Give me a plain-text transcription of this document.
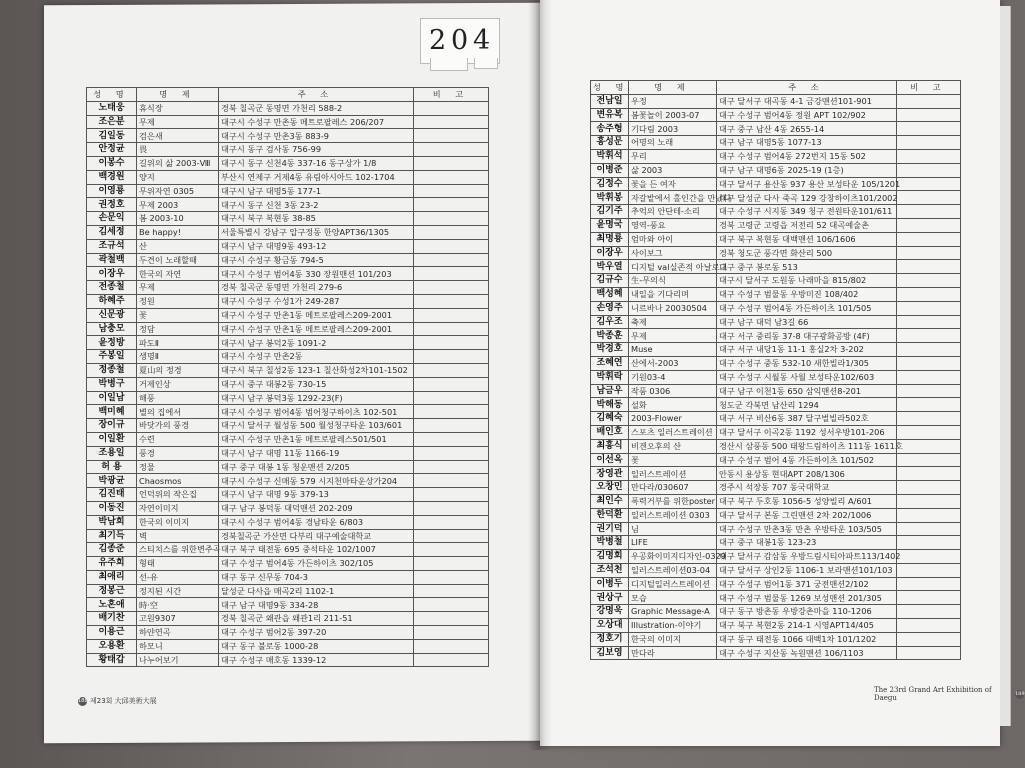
2 0 4
성 명	명 제	주 소	비 고
노태웅	휴식장	경북 칠곡군 동명면 가천리 588-2	
조은분	무제	대구시 수성구 만촌동 메트로팔레스 206/207	
김일동	검은새	대구시 수성구 만촌3동 883-9	
안정균	畏	대구시 동구 검사동 756-99	
이봉수	길위의 삶 2003-Ⅷ	대구시 동구 신천4동 337-16 동구상가 1/8	
백경원	양지	부산시 연제구 거제4동 유림아시아드 102-1704	
이영룡	무위자연 0305	대구시 남구 대명5동 177-1	
권정호	무제 2003	대구시 동구 신천 3동 23-2	
손문익	봄 2003-10	대구시 북구 복현동 38-85	
김세정	Be happy!	서울특별시 강남구 압구정동 한양APT36/1305	
조규석	산	대구시 남구 대명9동 493-12	
곽철백	두견이 노래할때	대구시 수성구 황금동 794-5	
이장우	한국의 자연	대구시 수성구 범어4동 330 장원맨션 101/203	
전종철	무제	경북 칠곡군 동명면 가천리 279-6	
하혜주	정원	대구시 수성구 수성1가 249-287	
신문광	꽃	대구시 수성구 만촌1동 메트로팔레스209-2001	
남충모	정담	대구시 수성구 만촌1동 메트로팔레스209-2001	
윤정방	파도Ⅱ	대구시 남구 봉덕2동 1091-2	
주봉일	생명Ⅱ	대구시 수성구 만촌2동	
정종철	夏山의 정경	대구시 북구 칠성2동 123-1 칠산화성2차101-1502	
박병구	거제인상	대구시 중구 대봉2동 730-15	
이일남	해풍	대구시 남구 봉덕3동 1292-23(F)	
백미혜	별의 집에서	대구시 수성구 범어4동 범어청구하이츠 102-501	
장이규	바닷가의 풍경	대구시 달서구 월성동 500 월성청구타운 103/601	
이일환	수련	대구시 수성구 만촌1동 메트로팔레스501/501	
조용일	풍경	대구시 남구 대명 11동 1166-19	
허 용	정물	대구 중구 대봉 1동 청운맨션 2/205	
박광균	Chaosmos	대구시 수성구 신매동 579 시지천마타운상가204	
김진태	언덕위의 작은집	대구시 남구 대명 9동 379-13	
이동진	자연이미지	대구 남구 봉덕동 대덕맨션 202-209	
박남희	한국의 이미지	대구시 수성구 범어4동 경남타운 6/803	
최기득	벽	경북칠곡군 가산면 다부리 대구예술대학교	
김종준	스티치스를 위한변주곡	대구 북구 태전동 695 중석타운 102/1007	
유주희	형태	대구 수성구 범어4동 가든하이츠 302/105	
최애리	선-유	대구 동구 신무동 704-3	
정봉근	정지된 시간	달성군 다사읍 매곡2리 1102-1	
노혼애	時·空	대구 남구 대명9동 334-28	
배기찬	고원9307	경북 칠곡군 왜관읍 왜관1리 211-51	
이용근	하얀연곡	대구 수성구 범어2동 397-20	
오용환	하모니	대구 동구 불로동 1000-28	
황태갑	나누어보기	대구 수성구 매호동 1339-12	
성 명	명 제	주 소	비 고
전남일	우정	대구 달서구 대곡동 4-1 금강맨션101-901	
변유복	봄꽃놀이 2003-07	대구 수성구 범어4동 정원 APT 102/902	
송주형	기다림 2003	대구 중구 남산 4동 2655-14	
홍성문	어명의 노래	대구 남구 대명5동 1077-13	
박휘석	무리	대구 수성구 범어4동 272번지 15동 502	
이병준	삶 2003	대구 남구 대명6동 2025-19 (1층)	
김정수	꽃을 든 여자	대구 달서구 용산동 937 용산 보성타운 105/1201	
박휘봉	자갈밭에서 홀인간을 만났다	대구 달성군 다사 죽곡 129 강창하이츠101/2002	
김기주	추억의 안단테-소리	대구 수성구 시지동 349 청구 전원타운101/611	
윤명국	영역-풍요	경북 고령군 고령읍 저전리 52 대곡예술촌	
최명룡	엄마와 아이	대구 북구 복현동 대백맨션 106/1606	
이장우	사이보그	경북 청도군 풍각면 화산리 500	
박우열	디지털 val실존적 아날로그	대구 중구 봉로동 513	
김규수	生-무의식	대구시 달서구 도원동 나래마을 815/802	
백성혜	내일을 기다리며	대구 수성구 범물동 우방미진 108/402	
손영주	니르바나 20030504	대구 수성구 범어4동 가든하이츠 101/505	
김우조	축제	대구 남구 대덕 남3길 66	
박종훈	무제	대구 서구 중리동 37-8 대구광화공방 (4F)	
박경호	Muse	대구 서구 내당1동 11-1 홍실2차 3-202	
조혜연	산에서-2003	대구 수성구 중동 532-10 새한빌라1/305	
박휘락	기원03-4	대구 수성구 시월동 사월 보성타운102/603	
남금우	작품 0306	대구 남구 이천1동 650 삼익맨션8-201	
박해동	설화	청도군 각북면 남산리 1294	
김혜숙	2003-Flower	대구 서구 비산6동 387 달구벌빌라502호	
배인호	스포츠 일러스트레이션	대구 달서구 이곡2동 1192 성서우방101-206	
최흥식	비겐오후의 산	경산시 삼풍동 500 태왕드림하이츠 111동 1611호	
이선옥	꽃	대구 수성구 범어 4동 가든하이츠 101/502	
장영관	일러스트레이션	안동시 용상동 현대APT 208/1306	
오창민	만다라/030607	경주시 석장동 707 동국대학교	
최인수	폭력거부를 위한poster	대구 북구 두호동 1056-5 성양빌리 A/601	
한덕환	일러스트레이션 0303	대구 달서구 본동 그린맨션 2차 202/1006	
권기덕	님	대구 수성구 만촌3동 만촌 우방타운 103/505	
박병철	LIFE	대구 중구 대봉1동 123-23	
김명회	우공화이미지디자인-0329	대구 달서구 감삼동 우방드림시티아파트113/1402	
조석천	일러스트레이션03-04	대구 달서구 상인2동 1106-1 보라맨션101/103	
이병두	디지털일러스트레이션	대구 수성구 범어1동 371 궁전맨션2/102	
권상구	모습	대구 수성구 범물동 1269 보성맨션 201/305	
강명욱	Graphic Message-A	대구 동구 방촌동 우방강촌마을 110-1206	
오상대	Illustration-이야기	대구 북구 복현2동 214-1 시영APT14/405	
정호기	한국의 이미지	대구 동구 태전동 1066 대백1차 101/1202	
김보영	만다라	대구 수성구 지산동 녹원맨션 106/1103	
188 제23회 大邱美術大展
The 23rd Grand Art Exhibition of Daegu
189
